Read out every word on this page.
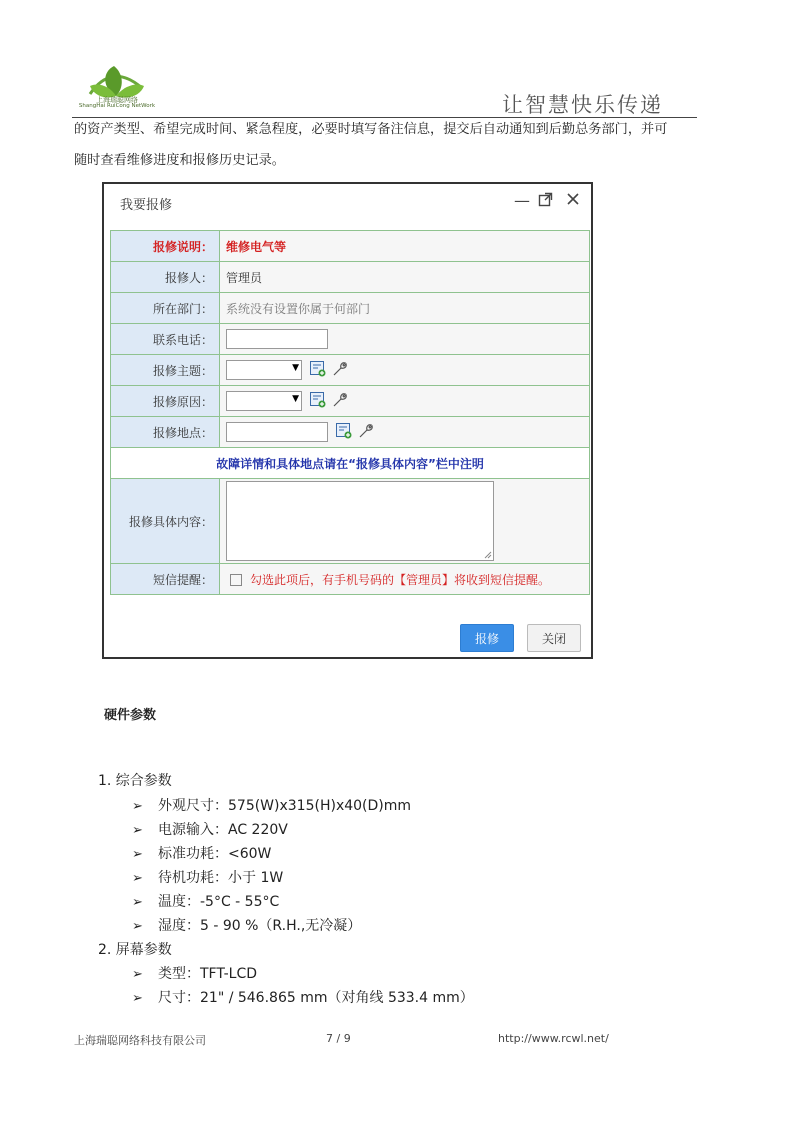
上海瑞聪网络
ShangHai RuiCong NetWork	让智慧快乐传递
的资产类型、希望完成时间、紧急程度，必要时填写备注信息，提交后自动通知到后勤总务部门，并可
随时查看维修进度和报修历史记录。
我要报修	—
报修说明：	维修电气等
报修人：	管理员
所在部门：	系统没有设置你属于何部门
联系电话：	
报修主题：	▼

报修原因：	▼

报修地点：	
故障详情和具体地点请在“报修具体内容”栏中注明	
报修具体内容：	

短信提醒：	勾选此项后，有手机号码的【管理员】将收到短信提醒。
报修	关闭
硬件参数
1. 综合参数
➢ 外观尺寸：575(W)x315(H)x40(D)mm
➢ 电源输入：AC 220V
➢ 标准功耗：<60W
➢ 待机功耗：小于 1W
➢ 温度：-5°C - 55°C
➢ 湿度：5 - 90 %（R.H.,无冷凝）
2. 屏幕参数
➢ 类型：TFT-LCD
➢ 尺寸：21" / 546.865 mm（对角线 533.4 mm）
上海瑞聪网络科技有限公司	7 / 9	http://www.rcwl.net/
